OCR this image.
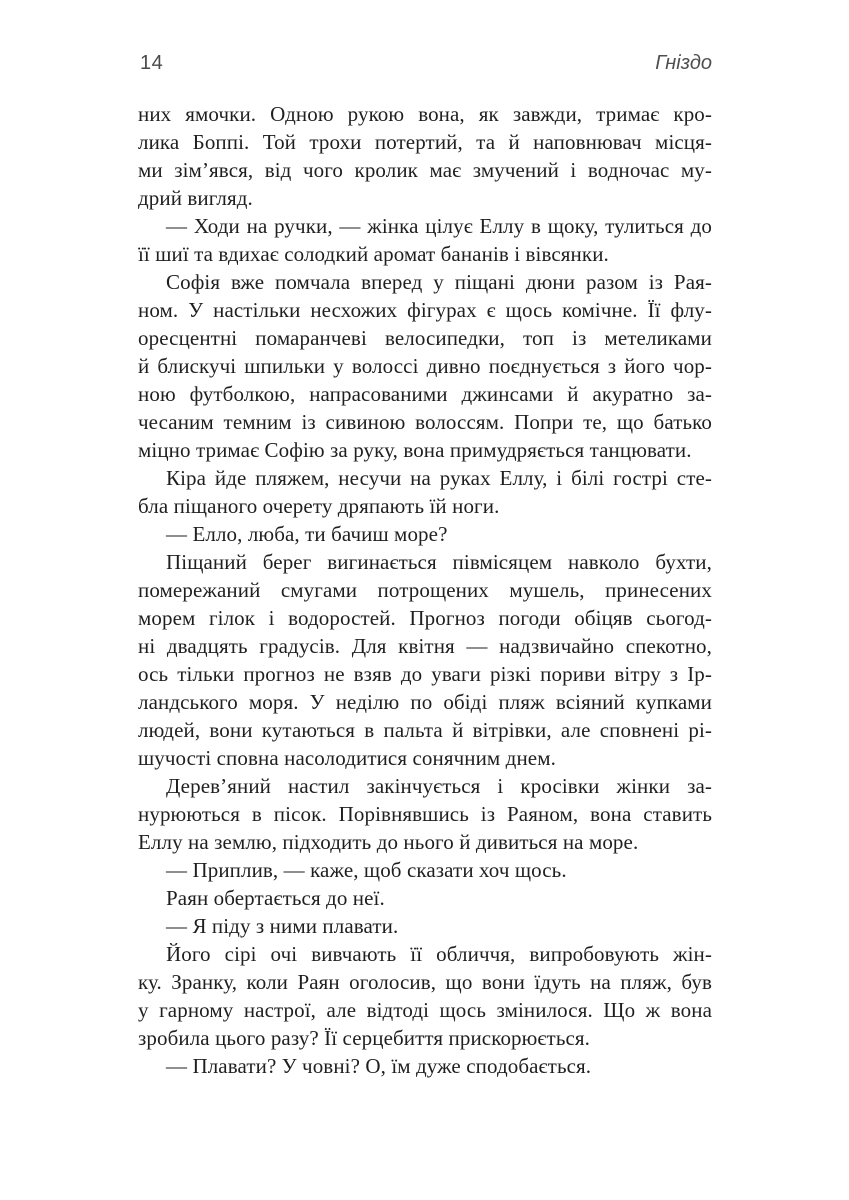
14	Гніздо
них ямочки. Одною рукою вона, як завжди, тримає кро-
лика Боппі. Той трохи потертий, та й наповнювач місця-
ми зім’явся, від чого кролик має змучений і водночас му-
дрий вигляд.
— Ходи на ручки, — жінка цілує Еллу в щоку, тулиться до
її шиї та вдихає солодкий аромат бананів і вівсянки.
Софія вже помчала вперед у піщані дюни разом із Рая-
ном. У настільки несхожих фігурах є щось комічне. Її флу-
оресцентні помаранчеві велосипедки, топ із метеликами
й блискучі шпильки у волоссі дивно поєднується з його чор-
ною футболкою, напрасованими джинсами й акуратно за-
чесаним темним із сивиною волоссям. Попри те, що батько
міцно тримає Софію за руку, вона примудряється танцювати.
Кіра йде пляжем, несучи на руках Еллу, і білі гострі сте-
бла піщаного очерету дряпають їй ноги.
— Елло, люба, ти бачиш море?
Піщаний берег вигинається півмісяцем навколо бухти,
помережаний смугами потрощених мушель, принесених
морем гілок і водоростей. Прогноз погоди обіцяв сьогод-
ні двадцять градусів. Для квітня — надзвичайно спекотно,
ось тільки прогноз не взяв до уваги різкі пориви вітру з Ір-
ландського моря. У неділю по обіді пляж всіяний купками
людей, вони кутаються в пальта й вітрівки, але сповнені рі-
шучості сповна насолодитися сонячним днем.
Дерев’яний настил закінчується і кросівки жінки за-
нурюються в пісок. Порівнявшись із Раяном, вона ставить
Еллу на землю, підходить до нього й дивиться на море.
— Приплив, — каже, щоб сказати хоч щось.
Раян обертається до неї.
— Я піду з ними плавати.
Його сірі очі вивчають її обличчя, випробовують жін-
ку. Зранку, коли Раян оголосив, що вони їдуть на пляж, був
у гарному настрої, але відтоді щось змінилося. Що ж вона
зробила цього разу? Її серцебиття прискорюється.
— Плавати? У човні? О, їм дуже сподобається.
